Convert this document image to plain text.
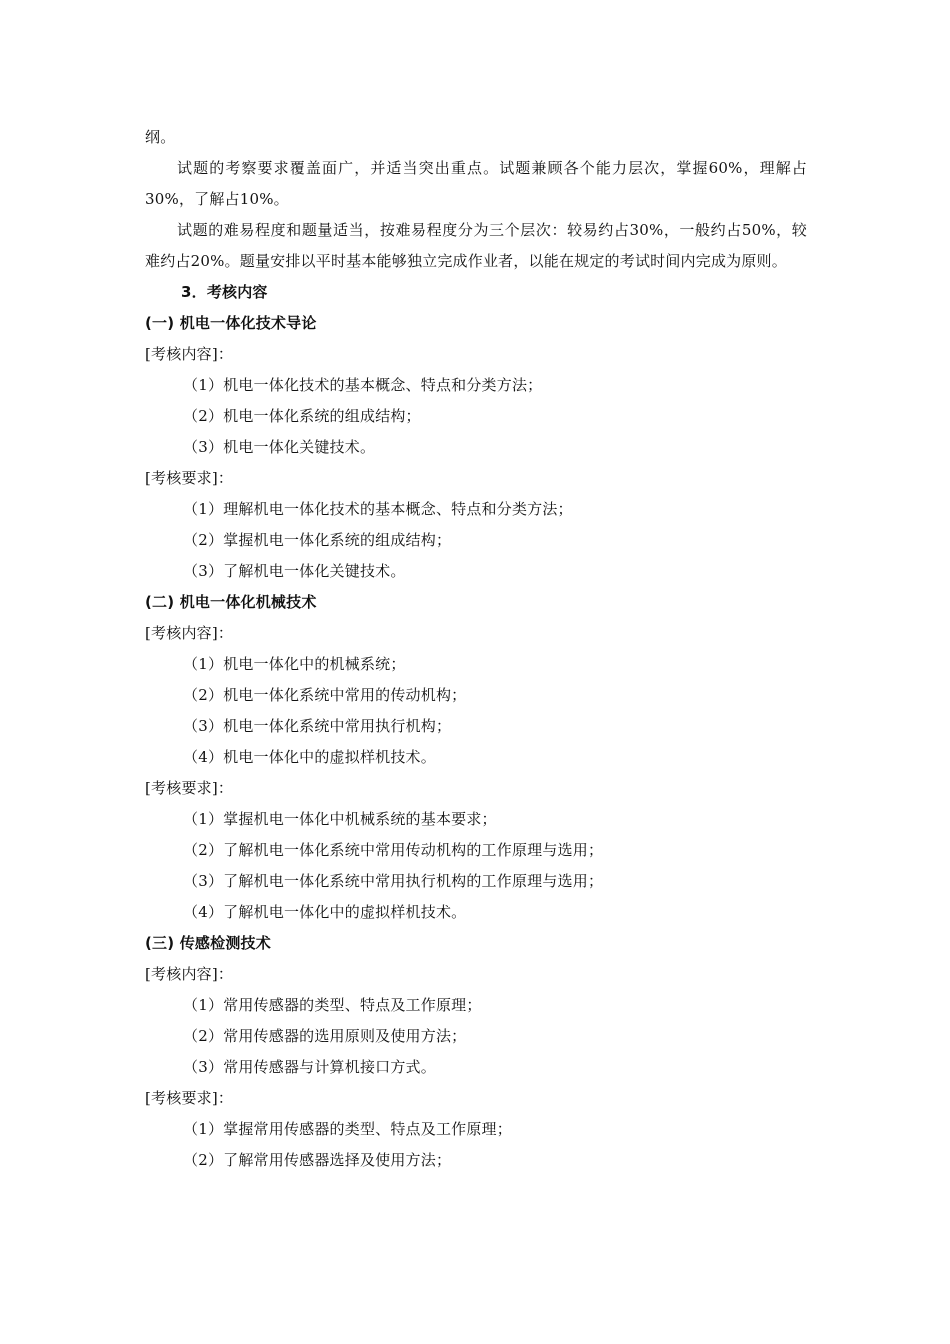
纲。
试题的考察要求覆盖面广，并适当突出重点。试题兼顾各个能力层次，掌握60%，理解占30%，了解占10%。
试题的难易程度和题量适当，按难易程度分为三个层次：较易约占30%，一般约占50%，较难约占20%。题量安排以平时基本能够独立完成作业者，以能在规定的考试时间内完成为原则。
3．考核内容
(一) 机电一体化技术导论
[考核内容]：
（1）机电一体化技术的基本概念、特点和分类方法；
（2）机电一体化系统的组成结构；
（3）机电一体化关键技术。
[考核要求]：
（1）理解机电一体化技术的基本概念、特点和分类方法；
（2）掌握机电一体化系统的组成结构；
（3）了解机电一体化关键技术。
(二) 机电一体化机械技术
[考核内容]：
（1）机电一体化中的机械系统；
（2）机电一体化系统中常用的传动机构；
（3）机电一体化系统中常用执行机构；
（4）机电一体化中的虚拟样机技术。
[考核要求]：
（1）掌握机电一体化中机械系统的基本要求；
（2）了解机电一体化系统中常用传动机构的工作原理与选用；
（3）了解机电一体化系统中常用执行机构的工作原理与选用；
（4）了解机电一体化中的虚拟样机技术。
(三) 传感检测技术
[考核内容]：
（1）常用传感器的类型、特点及工作原理；
（2）常用传感器的选用原则及使用方法；
（3）常用传感器与计算机接口方式。
[考核要求]：
（1）掌握常用传感器的类型、特点及工作原理；
（2）了解常用传感器选择及使用方法；
